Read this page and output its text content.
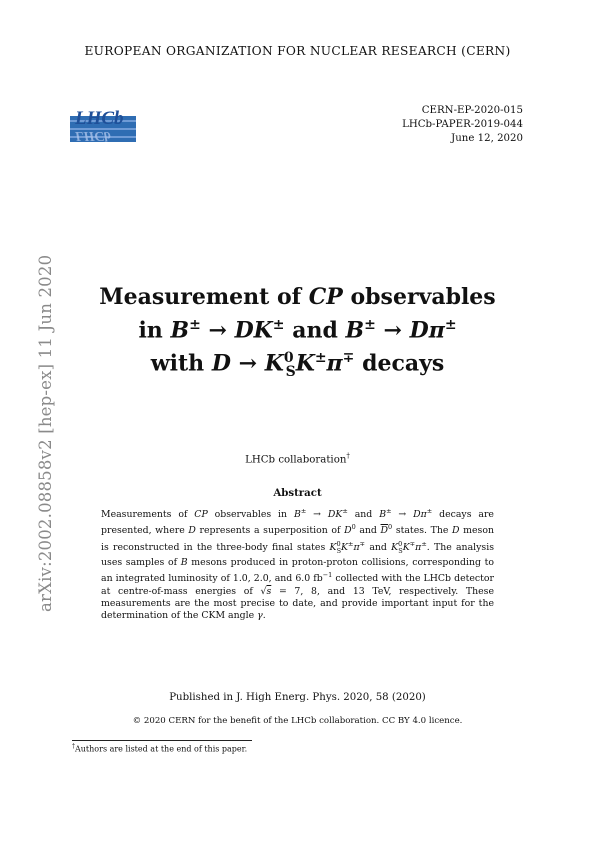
EUROPEAN ORGANIZATION FOR NUCLEAR RESEARCH (CERN)
LHCb
LHCb
CERN-EP-2020-015
LHCb-PAPER-2019-044
June 12, 2020
arXiv:2002.08858v2 [hep-ex] 11 Jun 2020	Measurement of CP observables
in B± → DK± and B± → Dπ±
with $D \to K^0_SK^\pm\pi^\mp$ decays
LHCb collaboration†
Abstract
Measurements of CP observables in B± → DK± and B± → Dπ± decays are presented, where D represents a superposition of $D^0$ and $\overline{D}^0$ states. The D meson is reconstructed in the three-body final states $K^0_SK^\pm\pi^\mp$ and $K^0_SK^\mp\pi^\pm$. The analysis uses samples of B mesons produced in proton-proton collisions, corresponding to an integrated luminosity of 1.0, 2.0, and 6.0 $fb^{-1}$ collected with the LHCb detector at centre-of-mass energies of √s = 7, 8, and 13 TeV, respectively. These measurements are the most precise to date, and provide important input for the determination of the CKM angle γ.
Published in J. High Energ. Phys. 2020, 58 (2020)
© 2020 CERN for the benefit of the LHCb collaboration. CC BY 4.0 licence.
†Authors are listed at the end of this paper.
